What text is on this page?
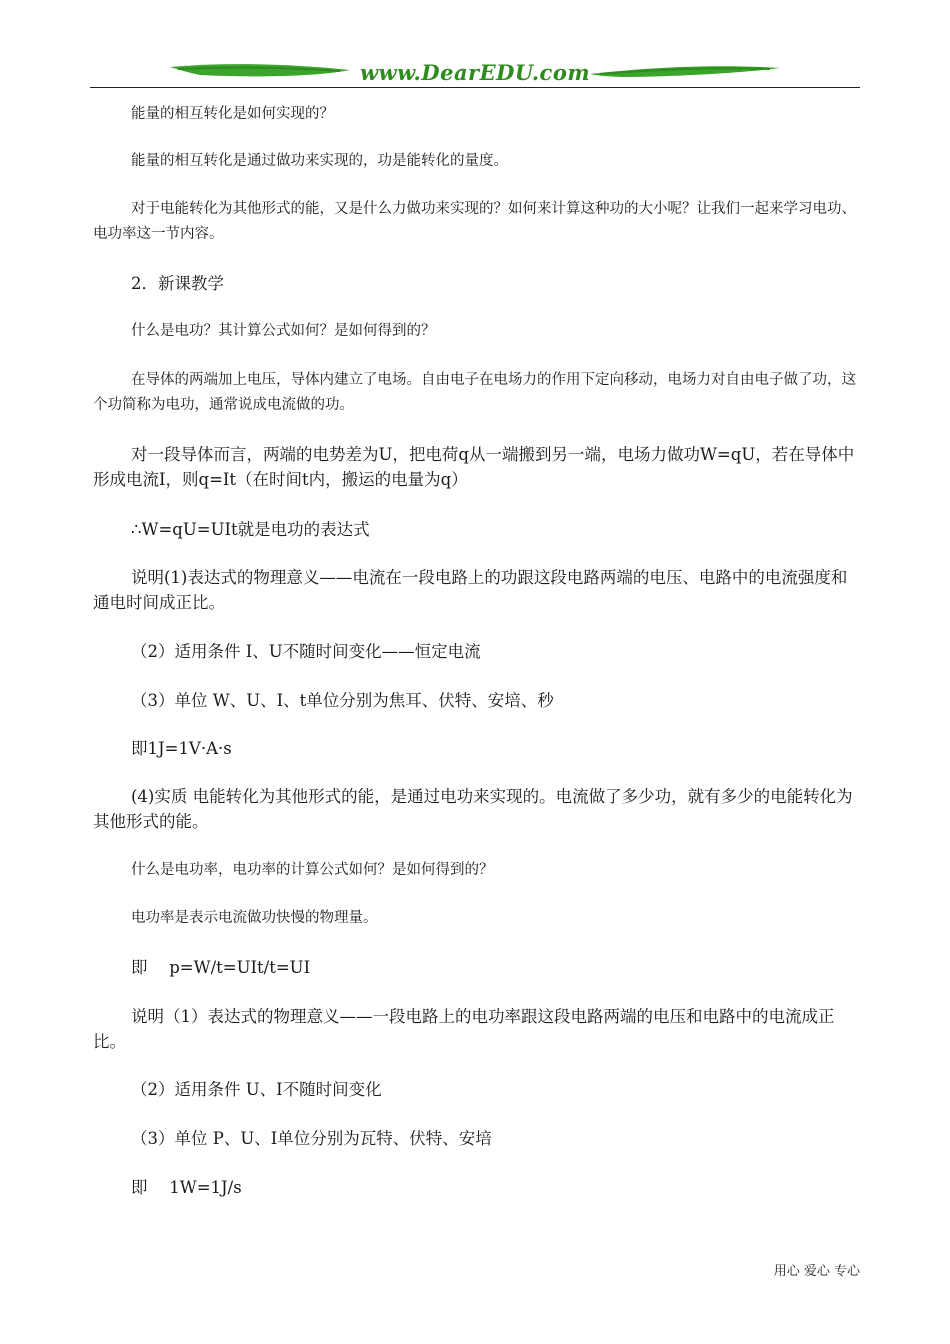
www.DearEDU.com
能量的相互转化是如何实现的？
能量的相互转化是通过做功来实现的，功是能转化的量度。
对于电能转化为其他形式的能，又是什么力做功来实现的？如何来计算这种功的大小呢？让我们一起来学习电功、电功率这一节内容。
2．新课教学
什么是电功？其计算公式如何？是如何得到的？
在导体的两端加上电压，导体内建立了电场。自由电子在电场力的作用下定向移动，电场力对自由电子做了功，这个功简称为电功，通常说成电流做的功。
对一段导体而言，两端的电势差为U，把电荷q从一端搬到另一端，电场力做功W=qU，若在导体中形成电流I，则q=It（在时间t内，搬运的电量为q）
∴W=qU=UIt就是电功的表达式
说明(1)表达式的物理意义——电流在一段电路上的功跟这段电路两端的电压、电路中的电流强度和通电时间成正比。
（2）适用条件 I、U不随时间变化——恒定电流
（3）单位 W、U、I、t单位分别为焦耳、伏特、安培、秒
即1J=1V·A·s
(4)实质 电能转化为其他形式的能，是通过电功来实现的。电流做了多少功，就有多少的电能转化为其他形式的能。
什么是电功率，电功率的计算公式如何？是如何得到的？
电功率是表示电流做功快慢的物理量。
即　 p=W/t=UIt/t=UI
说明（1）表达式的物理意义——一段电路上的电功率跟这段电路两端的电压和电路中的电流成正比。
（2）适用条件 U、I不随时间变化
（3）单位 P、U、I单位分别为瓦特、伏特、安培
即　 1W=1J/s
用心 爱心 专心
